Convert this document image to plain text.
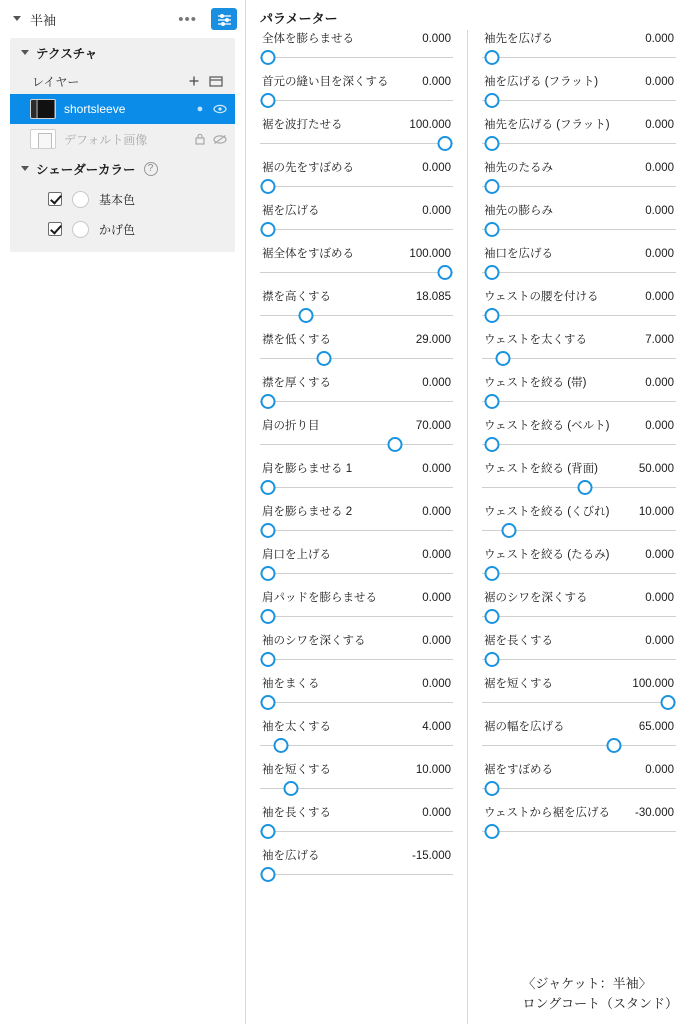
半袖	•••
テクスチャ
レイヤー
shortsleeve	●
デフォルト画像
シェーダーカラー	?
基本色
かげ色
パラメーター
全体を膨らませる	0.000
首元の縫い目を深くする	0.000
裾を波打たせる	100.000
裾の先をすぼめる	0.000
裾を広げる	0.000
裾全体をすぼめる	100.000
襟を高くする	18.085
襟を低くする	29.000
襟を厚くする	0.000
肩の折り目	70.000
肩を膨らませる 1	0.000
肩を膨らませる 2	0.000
肩口を上げる	0.000
肩パッドを膨らませる	0.000
袖のシワを深くする	0.000
袖をまくる	0.000
袖を太くする	4.000
袖を短くする	10.000
袖を長くする	0.000
袖を広げる	-15.000
袖先を広げる	0.000
袖を広げる (フラット)	0.000
袖先を広げる (フラット)	0.000
袖先のたるみ	0.000
袖先の膨らみ	0.000
袖口を広げる	0.000
ウェストの腰を付ける	0.000
ウェストを太くする	7.000
ウェストを絞る (帯)	0.000
ウェストを絞る (ベルト)	0.000
ウェストを絞る (背面)	50.000
ウェストを絞る (くびれ)	10.000
ウェストを絞る (たるみ)	0.000
裾のシワを深くする	0.000
裾を長くする	0.000
裾を短くする	100.000
裾の幅を広げる	65.000
裾をすぼめる	0.000
ウェストから裾を広げる -30.000
〈ジャケット：半袖〉
ロングコート（スタンド）
